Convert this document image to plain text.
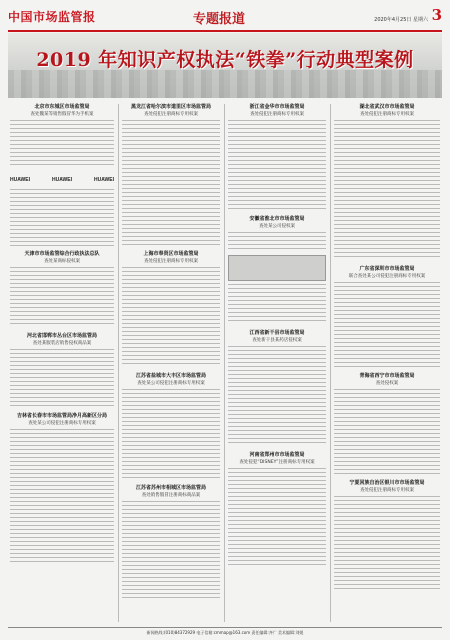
中国市场监管报	专题报道	2020年4月25日 星期六 3
2019 年知识产权执法“铁拳”行动典型案例
北京市东城区市场监管局
查处魏某等销售假冒华为手机案
HUAWEI	HUAWEI	HUAWEI
天津市市场监管综合行政执法总队
查处某商标侵权案
河北省邯郸市丛台区市场监管局
查处某服装店销售侵权商品案
吉林省长春市市场监管局净月高新区分局
查处某公司侵犯注册商标专用权案
黑龙江省哈尔滨市道里区市场监管局
查处侵犯注册商标专用权案
上海市奉贤区市场监管局
查处侵犯注册商标专用权案
江苏省盐城市大丰区市场监管局
查处某公司侵犯注册商标专用权案
江苏省苏州市相城区市场监管局
查处销售假冒注册商标商品案
浙江省金华市市场监管局
查处侵犯注册商标专用权案
安徽省淮北市市场监管局
查处某公司侵权案
江西省新干县市场监管局
查处新干县某药店侵权案
河南省郑州市市场监管局
查处侵犯“DISNEY”注册商标专用权案
湖北省武汉市市场监管局
查处侵犯注册商标专用权案
广东省深圳市市场监管局
联合查处某公司侵犯注册商标专用权案
青海省西宁市市场监管局
查处侵权案
宁夏回族自治区银川市市场监管局
查处侵犯注册商标专用权案
新闻热线:(010)84372929 电子信箱:cmmap@163.com 责任编辑:齐广 美术编辑:刘媛
